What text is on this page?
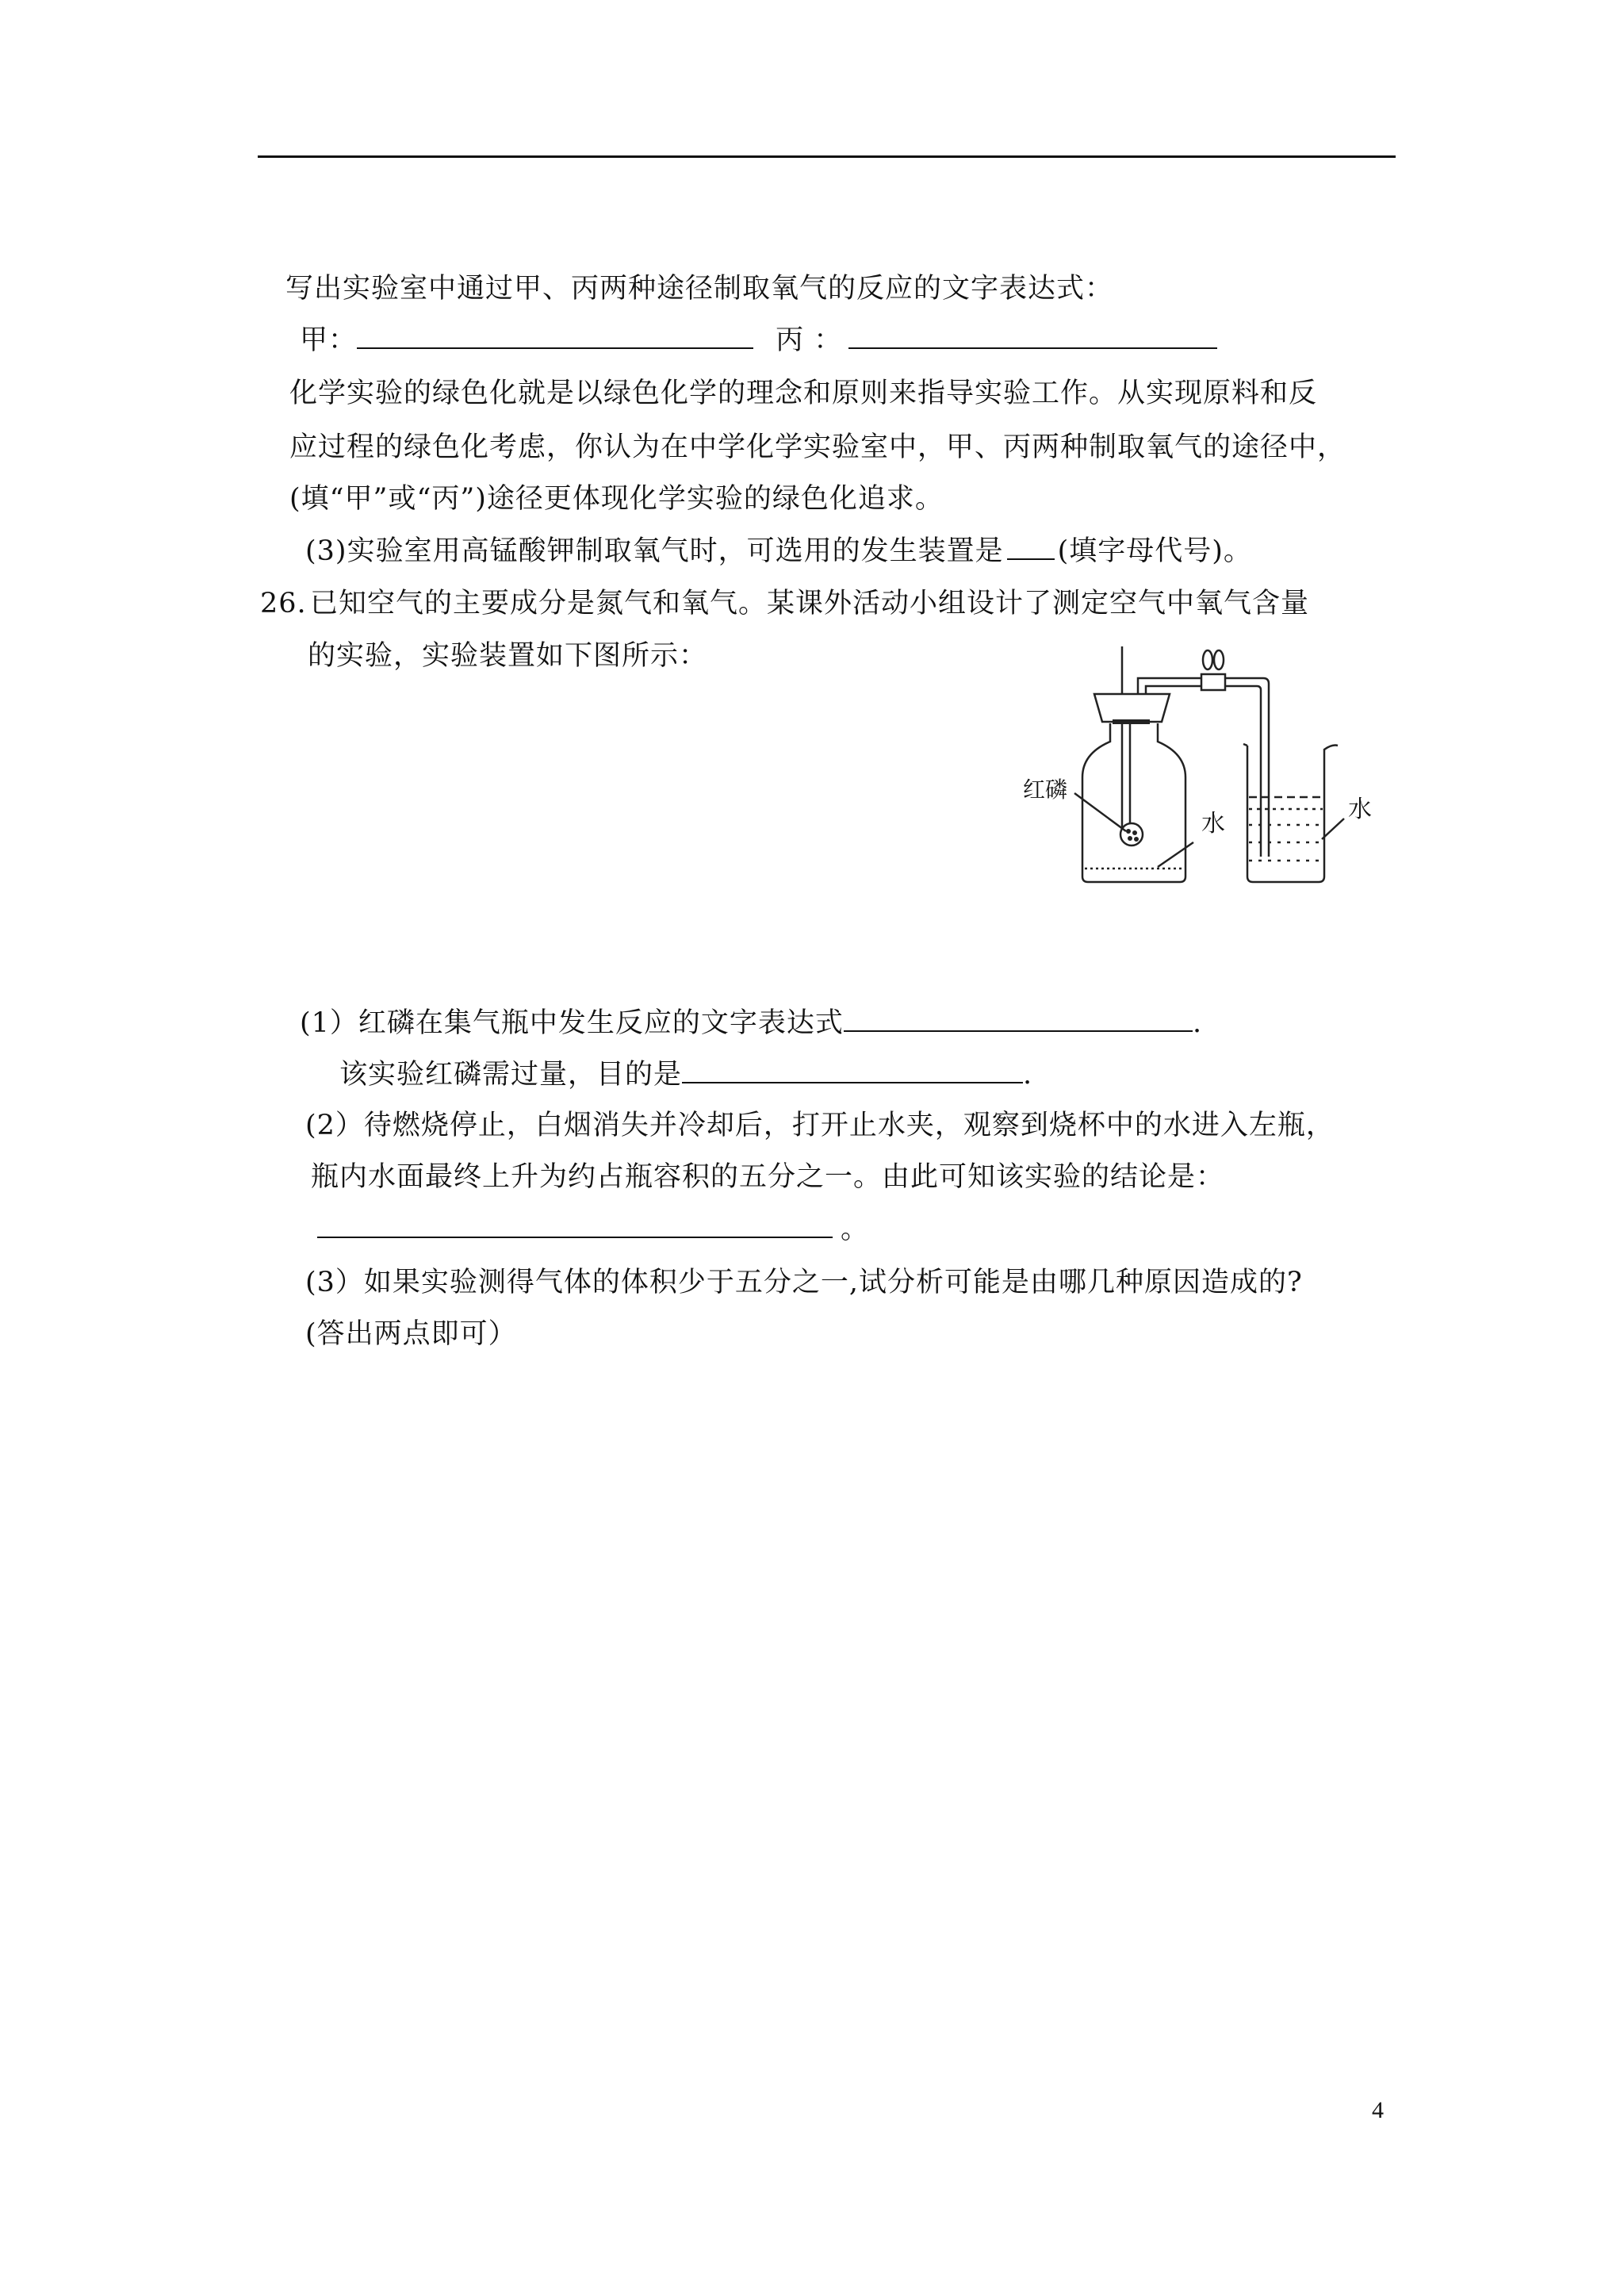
写出实验室中通过甲、丙两种途径制取氧气的反应的文字表达式：
甲：	丙 ：
化学实验的绿色化就是以绿色化学的理念和原则来指导实验工作。从实现原料和反
应过程的绿色化考虑，你认为在中学化学实验室中，甲、丙两种制取氧气的途径中，
(填“甲”或“丙”)途径更体现化学实验的绿色化追求。
(3)实验室用高锰酸钾制取氧气时，可选用的发生装置是 (填字母代号)。
26. 已知空气的主要成分是氮气和氧气。某课外活动小组设计了测定空气中氧气含量
的实验，实验装置如下图所示：
红磷
水
水
(1）红磷在集气瓶中发生反应的文字表达式	.
该实验红磷需过量，目的是	.
(2）待燃烧停止，白烟消失并冷却后，打开止水夹，观察到烧杯中的水进入左瓶，
瓶内水面最终上升为约占瓶容积的五分之一。由此可知该实验的结论是：
。
(3）如果实验测得气体的体积少于五分之一,试分析可能是由哪几种原因造成的?
(答出两点即可）
4
